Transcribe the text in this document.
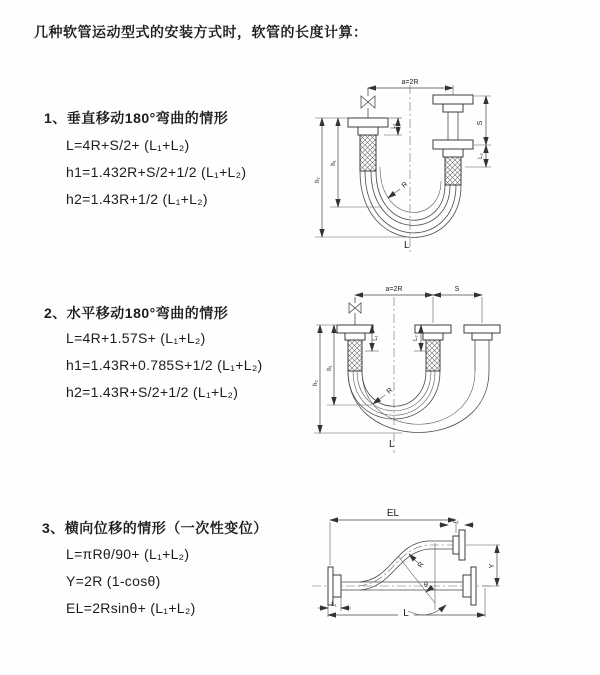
几种软管运动型式的安装方式时，软管的长度计算：
1、垂直移动180°弯曲的情形
L=4R+S/2+ (L₁+L₂)
h1=1.432R+S/2+1/2 (L₁+L₂)
h2=1.43R+1/2 (L₁+L₂)
a=2R
S
L₂
L₁
h₁
h₂
R
L
2、水平移动180°弯曲的情形
L=4R+1.57S+ (L₁+L₂)
h1=1.43R+0.785S+1/2 (L₁+L₂)
h2=1.43R+S/2+1/2 (L₁+L₂)
a=2R	S
L₁	L₂
h₁
h₂
R
L
3、横向位移的情形（一次性变位）
L=πRθ/90+ (L₁+L₂)
Y=2R (1-cosθ)
EL=2Rsinθ+ (L₁+L₂)
EL
L₂
Y
L₁
L
θ
R
